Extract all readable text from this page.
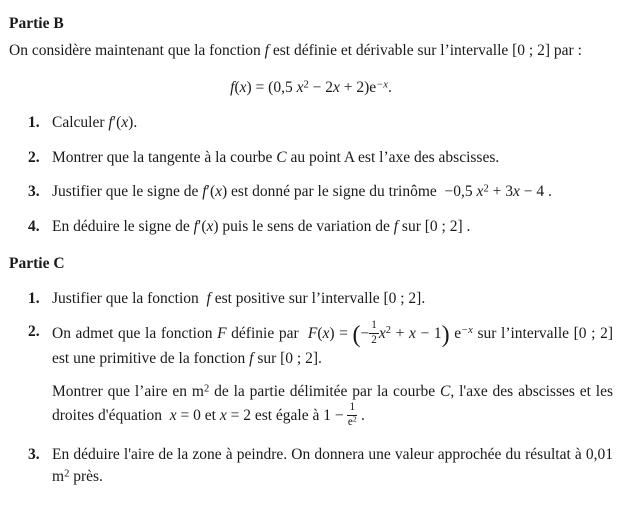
Partie B

On considère maintenant que la fonction f est définie et dérivable sur l’intervalle [0 ; 2] par :

f(x) = (0,5 $x^2 - 2x + 2)e^{-x}$.
1. Calculer f′(x).
2. Montrer que la tangente à la courbe C au point A est l’axe des abscisses.
3. Justifier que le signe de f′(x) est donné par le signe du trinôme  −0,5 $x^2 + 3x - 4$ .
4. En déduire le signe de f′(x) puis le sens de variation de f sur [0 ; 2] .
Partie C
1. Justifier que la fonction  f est positive sur l’intervalle [0 ; 2].
2. On admet que la fonction F définie par  F(x) = (− $\frac{1}{2} x^2 + x - 1$) $e^{-x}$ sur l’intervalle [0 ; 2] est une primitive de la fonction f sur [0 ; 2].
Montrer que l’aire en $m^2$ de la partie délimitée par la courbe C, l'axe des abscisses et les droites d'équation  x = 0 et x = 2 est égale à $1 - \frac{1}{e^2}$ .
3. En déduire l'aire de la zone à peindre. On donnera une valeur approchée du résultat à 0,01 $m^2$ près.
